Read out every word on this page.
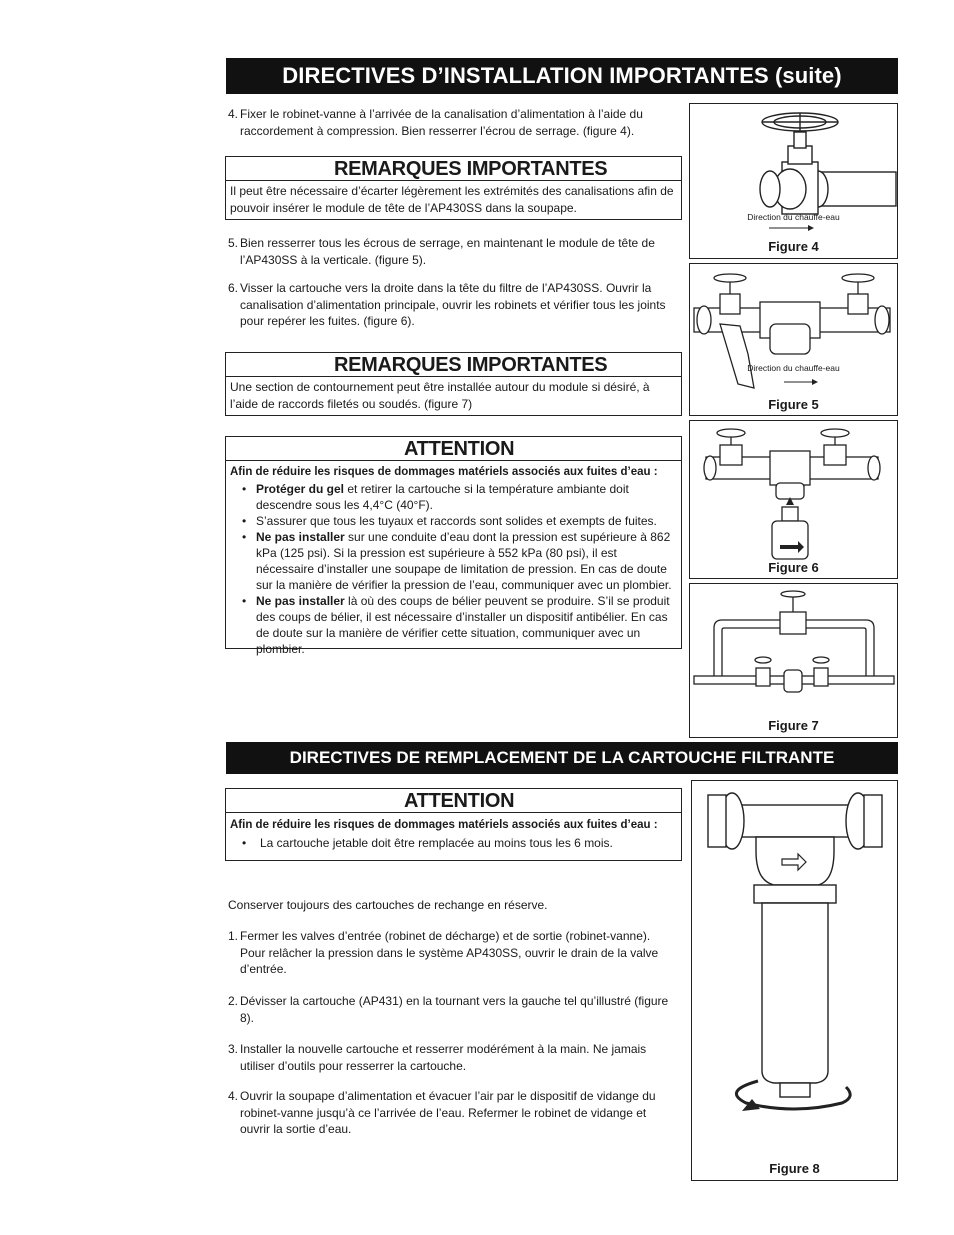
DIRECTIVES D’INSTALLATION IMPORTANTES (suite)
4. Fixer le robinet-vanne à l’arrivée de la canalisation d’alimentation à l’aide du raccordement à compression. Bien resserrer l’écrou de serrage. (figure 4).
REMARQUES IMPORTANTES
Il peut être nécessaire d’écarter légèrement les extrémités des canalisations afin de pouvoir insérer le module de tête de l’AP430SS dans la soupape.
5. Bien resserrer tous les écrous de serrage, en maintenant le module de tête de l’AP430SS à la verticale. (figure 5).
6. Visser la cartouche vers la droite dans la tête du filtre de l’AP430SS. Ouvrir la canalisation d’alimentation principale, ouvrir les robinets et vérifier tous les joints pour repérer les fuites. (figure 6).
REMARQUES IMPORTANTES
Une section de contournement peut être installée autour du module si désiré, à l’aide de raccords filetés ou soudés. (figure 7)
ATTENTION
Afin de réduire les risques de dommages matériels associés aux fuites d’eau :
• Protéger du gel et retirer la cartouche si la température ambiante doit descendre sous les 4,4°C (40°F).
• S’assurer que tous les tuyaux et raccords sont solides et exempts de fuites.
• Ne pas installer sur une conduite d’eau dont la pression est supérieure à 862 kPa (125 psi). Si la pression est supérieure à 552 kPa (80 psi), il est nécessaire d’installer une soupape de limitation de pression. En cas de doute sur la manière de vérifier la pression de l’eau, communiquer avec un plombier.
• Ne pas installer là où des coups de bélier peuvent se produire. S’il se produit des coups de bélier, il est nécessaire d’installer un dispositif antibélier. En cas de doute sur la manière de vérifier cette situation, communiquer avec un plombier.
DIRECTIVES DE REMPLACEMENT DE LA CARTOUCHE FILTRANTE
ATTENTION
Afin de réduire les risques de dommages matériels associés aux fuites d’eau :
• La cartouche jetable doit être remplacée au moins tous les 6 mois.
Conserver toujours des cartouches de rechange en réserve.
1. Fermer les valves d’entrée (robinet de décharge) et de sortie (robinet-vanne). Pour relâcher la pression dans le système AP430SS, ouvrir le drain de la valve d’entrée.
2. Dévisser la cartouche (AP431) en la tournant vers la gauche tel qu’illustré (figure 8).
3. Installer la nouvelle cartouche et resserrer modérément à la main. Ne jamais utiliser d’outils pour resserrer la cartouche.
4. Ouvrir la soupape d’alimentation et évacuer l’air par le dispositif de vidange du robinet-vanne jusqu’à ce l’arrivée de l’eau. Refermer le robinet de vidange et ouvrir la sortie d’eau.
Direction du chauffe-eau
Figure 4
Direction du chauffe-eau
Figure 5
Figure 6
Figure 7
Figure 8
